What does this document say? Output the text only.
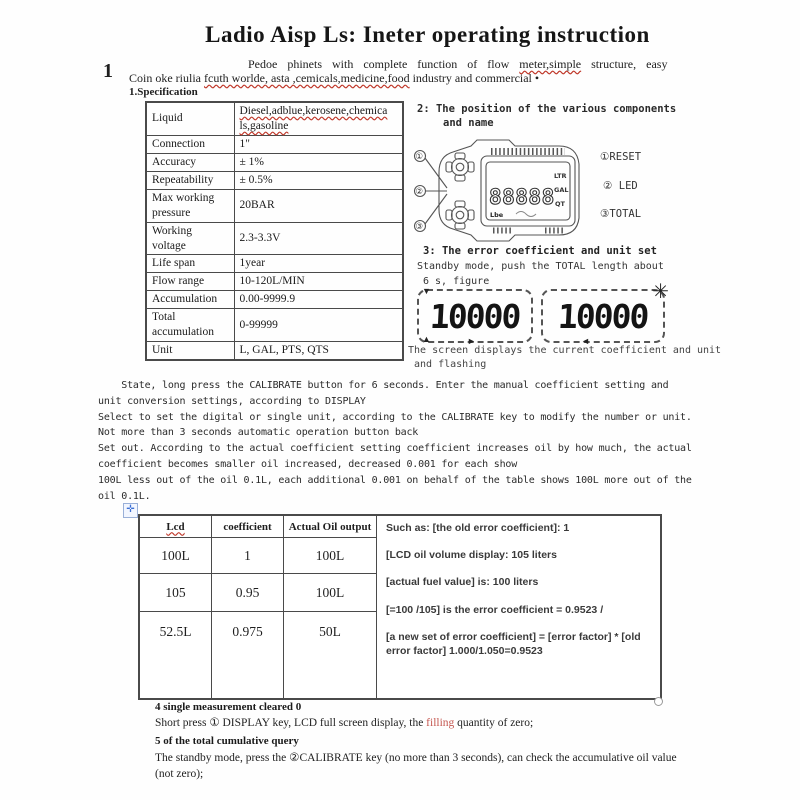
Ladio Aisp Ls: Ineter operating instruction
Pedoe phinets with complete function of flow meter,simple structure, easy
1 Coin oke riulia fcuth worlde, asta ,cemicals,medicine,food industry and commercial •
1.Specification
Liquid	Diesel,adblue,kerosene,chemica ls,gasoline
Connection	1"
Accuracy	± 1%
Repeatability	± 0.5%
Max working pressure	20BAR
Working voltage	2.3-3.3V
Life span	1year
Flow range	10-120L/MIN
Accumulation	0.00-9999.9
Total accumulation	0-99999
Unit	L, GAL, PTS, QTS
2: The position of the various components
and name
88888
LTR
GAL
QT
Lbe
①
②
③
①RESET
② LED
③TOTAL
3: The error coefficient and unit set
Standby mode, push the TOTAL length about
6 s, figure
10000
▼
▲	►
10000
✳
◄
The screen displays the current coefficient and unit
and flashing
State, long press the CALIBRATE button for 6 seconds. Enter the manual coefficient setting and
unit conversion settings, according to DISPLAY
Select to set the digital or single unit, according to the CALIBRATE key to modify the number or unit.
Not more than 3 seconds automatic operation button back
Set out. According to the actual coefficient setting coefficient increases oil by how much, the actual
coefficient becomes smaller oil increased, decreased 0.001 for each show
100L less out of the oil 0.1L, each additional 0.001 on behalf of the table shows 100L more out of the
oil 0.1L.
✛
Lcd	coefficient	Actual Oil output	Such as: [the old error coefficient]: 1

[LCD oil volume display: 105 liters

[actual fuel value] is: 100 liters

[=100 /105] is the error coefficient = 0.9523 /

[a new set of error coefficient] = [error factor] * [old error factor] 1.000/1.050=0.9523

100L	1	100L
105	0.95	100L
52.5L	0.975	50L
4 single measurement cleared 0
Short press ① DISPLAY key, LCD full screen display, the filling quantity of zero;
5 of the total cumulative query
The standby mode, press the ②CALIBRATE key (no more than 3 seconds), can check the accumulative oil value
(not zero);
